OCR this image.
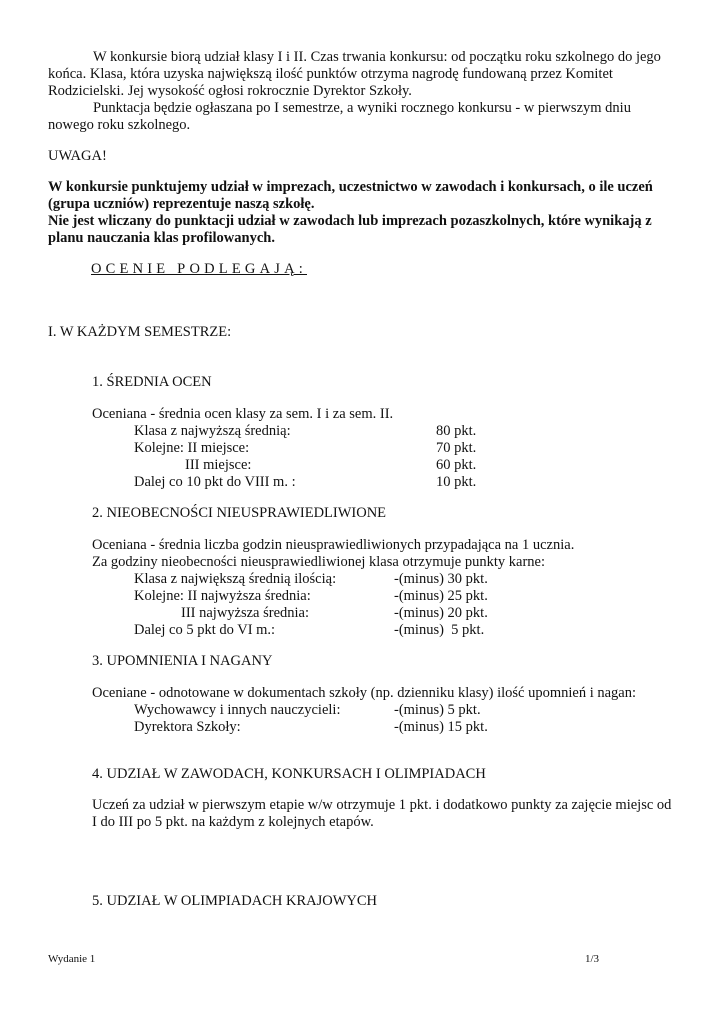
W konkursie biorą udział klasy I i II. Czas trwania konkursu: od początku roku szkolnego do jego
końca. Klasa, która uzyska największą ilość punktów otrzyma nagrodę fundowaną przez Komitet
Rodzicielski. Jej wysokość ogłosi rokrocznie Dyrektor Szkoły.
Punktacja będzie ogłaszana po I semestrze, a wyniki rocznego konkursu - w pierwszym dniu
nowego roku szkolnego.
UWAGA!
W konkursie punktujemy udział w imprezach, uczestnictwo w zawodach i konkursach, o ile uczeń
(grupa uczniów) reprezentuje naszą szkołę.
Nie jest wliczany do punktacji udział w zawodach lub imprezach pozaszkolnych, które wynikają z
planu nauczania klas profilowanych.
OCENIE PODLEGAJĄ:
I. W KAŻDYM SEMESTRZE:
1. ŚREDNIA OCEN
Oceniana - średnia ocen klasy za sem. I i za sem. II.
Klasa z najwyższą średnią:	80 pkt.
Kolejne: II miejsce:	70 pkt.
III miejsce:	60 pkt.
Dalej co 10 pkt do VIII m. :	10 pkt.
2. NIEOBECNOŚCI NIEUSPRAWIEDLIWIONE
Oceniana - średnia liczba godzin nieusprawiedliwionych przypadająca na 1 ucznia.
Za godziny nieobecności nieusprawiedliwionej klasa otrzymuje punkty karne:
Klasa z największą średnią ilością:	-(minus) 30 pkt.
Kolejne: II najwyższa średnia:	-(minus) 25 pkt.
III najwyższa średnia:	-(minus) 20 pkt.
Dalej co 5 pkt do VI m.:	-(minus)  5 pkt.
3. UPOMNIENIA I NAGANY
Oceniane - odnotowane w dokumentach szkoły (np. dzienniku klasy) ilość upomnień i nagan:
Wychowawcy i innych nauczycieli:	-(minus) 5 pkt.
Dyrektora Szkoły:	-(minus) 15 pkt.
4. UDZIAŁ W ZAWODACH, KONKURSACH I OLIMPIADACH
Uczeń za udział w pierwszym etapie w/w otrzymuje 1 pkt. i dodatkowo punkty za zajęcie miejsc od
I do III po 5 pkt. na każdym z kolejnych etapów.
5. UDZIAŁ W OLIMPIADACH KRAJOWYCH
Wydanie 1	1/3
